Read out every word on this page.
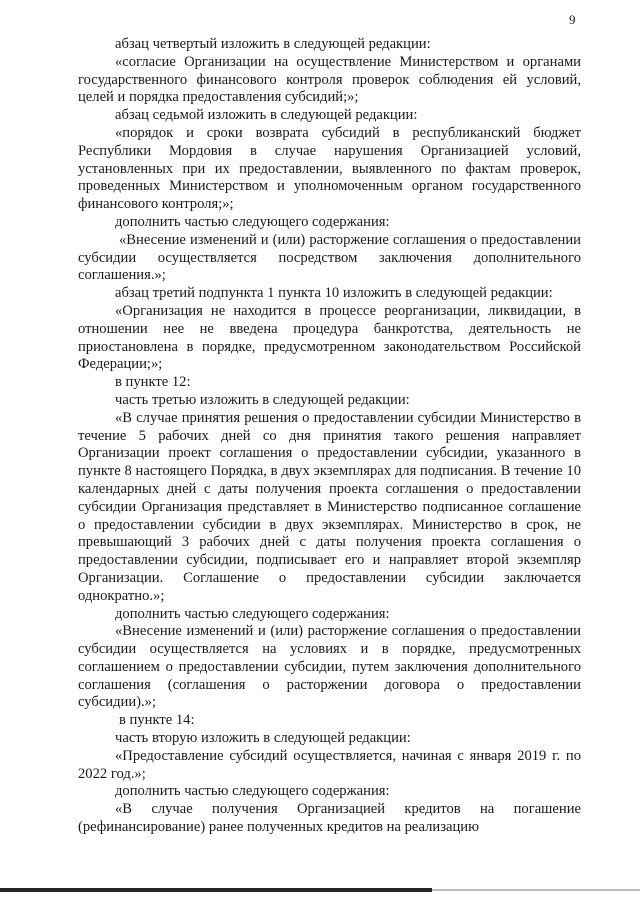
9

абзац четвертый изложить в следующей редакции:

«согласие Организации на осуществление Министерством и органами государственного финансового контроля проверок соблюдения ей условий, целей и порядка предоставления субсидий;»;

абзац седьмой изложить в следующей редакции:

«порядок и сроки возврата субсидий в республиканский бюджет Республики Мордовия в случае нарушения Организацией условий, установленных при их предоставлении, выявленного по фактам проверок, проведенных Министерством и уполномоченным органом государственного финансового контроля;»;

дополнить частью следующего содержания:

«Внесение изменений и (или) расторжение соглашения о предоставлении субсидии осуществляется посредством заключения дополнительного соглашения.»;

абзац третий подпункта 1 пункта 10 изложить в следующей редакции:

«Организация не находится в процессе реорганизации, ликвидации, в отношении нее не введена процедура банкротства, деятельность не приостановлена в порядке, предусмотренном законодательством Российской Федерации;»;

в пункте 12:

часть третью изложить в следующей редакции:

«В случае принятия решения о предоставлении субсидии Министерство в течение 5 рабочих дней со дня принятия такого решения направляет Организации проект соглашения о предоставлении субсидии, указанного в пункте 8 настоящего Порядка, в двух экземплярах для подписания. В течение 10 календарных дней с даты получения проекта соглашения о предоставлении субсидии Организация представляет в Министерство подписанное соглашение о предоставлении субсидии в двух экземплярах. Министерство в срок, не превышающий 3 рабочих дней с даты получения проекта соглашения о предоставлении субсидии, подписывает его и направляет второй экземпляр Организации. Соглашение о предоставлении субсидии заключается однократно.»;

дополнить частью следующего содержания:

«Внесение изменений и (или) расторжение соглашения о предоставлении субсидии осуществляется на условиях и в порядке, предусмотренных соглашением о предоставлении субсидии, путем заключения дополнительного соглашения (соглашения о расторжении договора о предоставлении субсидии).»;

в пункте 14:

часть вторую изложить в следующей редакции:

«Предоставление субсидий осуществляется, начиная с января 2019 г. по 2022 год.»;

дополнить частью следующего содержания:

«В случае получения Организацией кредитов на погашение (рефинансирование) ранее полученных кредитов на реализацию
